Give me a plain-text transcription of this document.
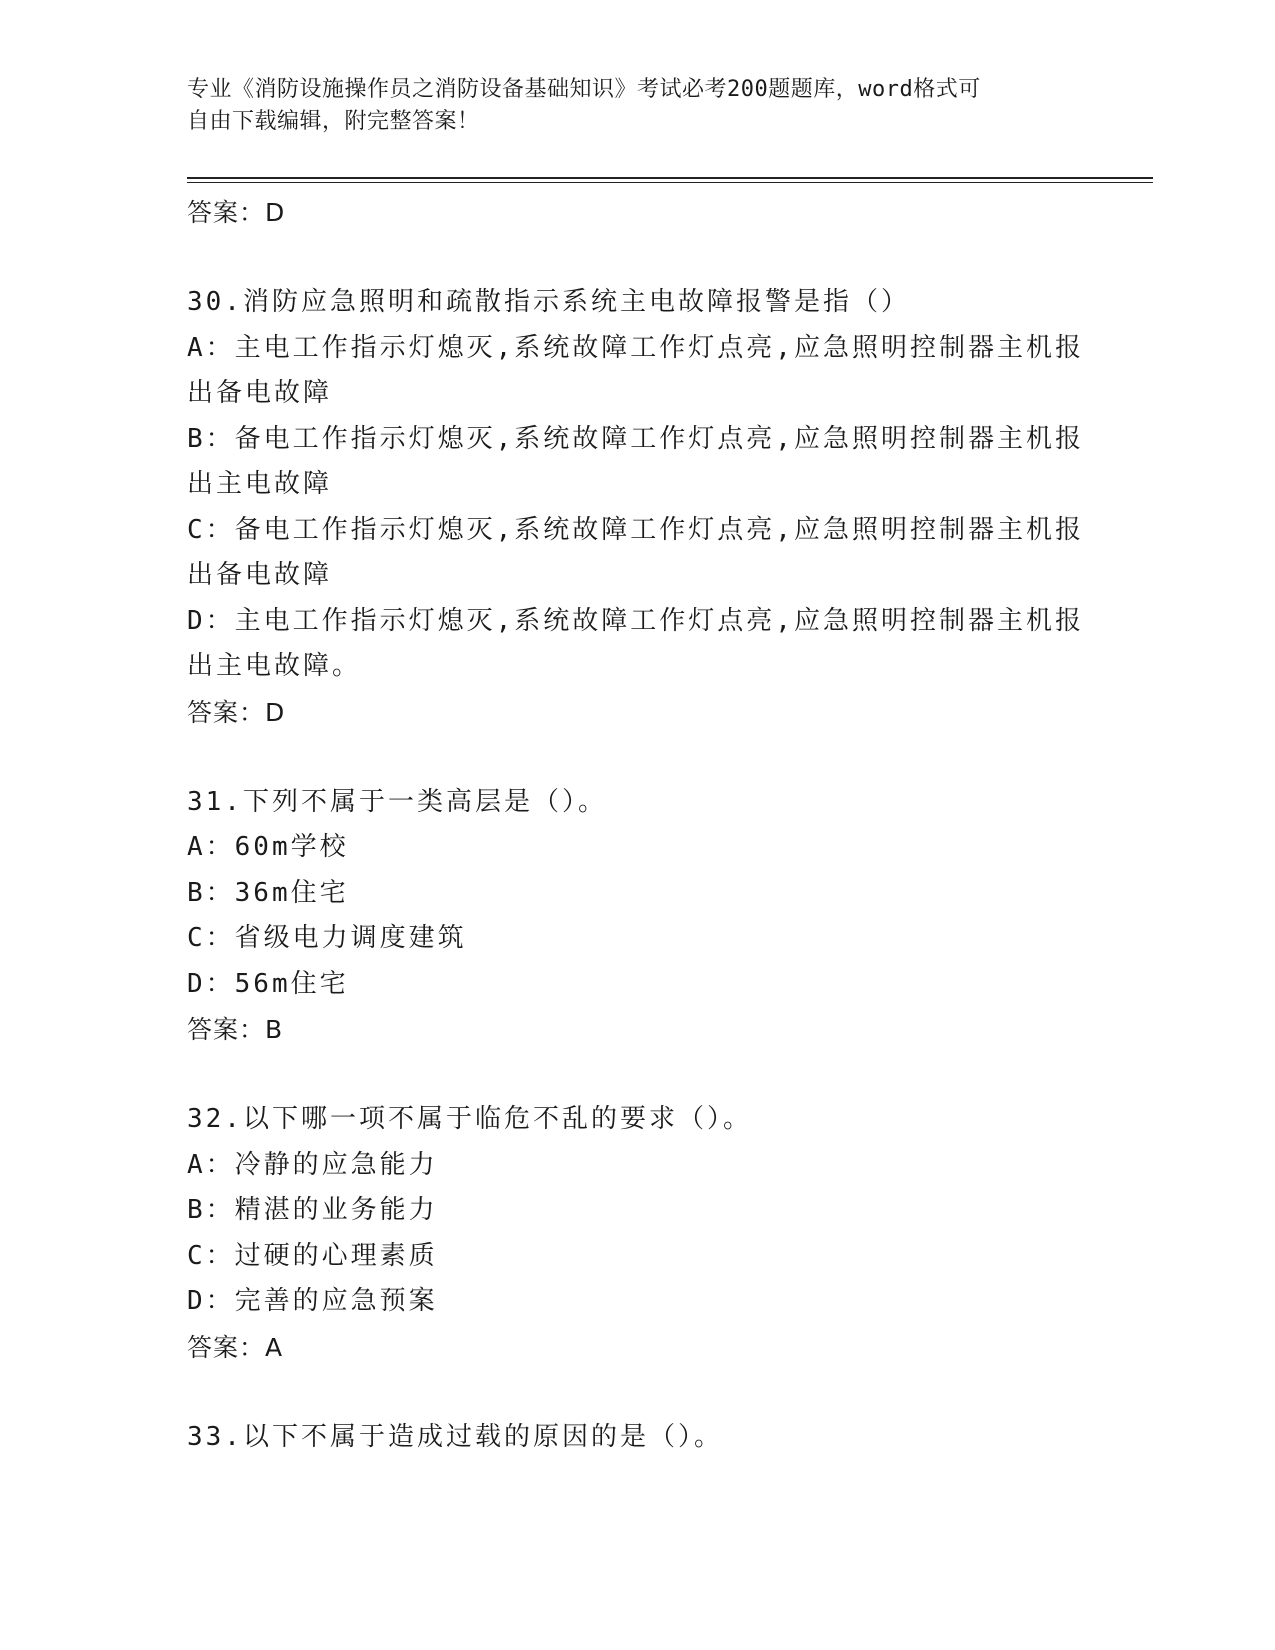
专业《消防设施操作员之消防设备基础知识》考试必考200题题库，word格式可
自由下载编辑，附完整答案！
答案：D
30.消防应急照明和疏散指示系统主电故障报警是指（）
A：主电工作指示灯熄灭,系统故障工作灯点亮,应急照明控制器主机报
出备电故障
B：备电工作指示灯熄灭,系统故障工作灯点亮,应急照明控制器主机报
出主电故障
C：备电工作指示灯熄灭,系统故障工作灯点亮,应急照明控制器主机报
出备电故障
D：主电工作指示灯熄灭,系统故障工作灯点亮,应急照明控制器主机报
出主电故障。
答案：D
31.下列不属于一类高层是（）。
A：60m学校
B：36m住宅
C：省级电力调度建筑
D：56m住宅
答案：B
32.以下哪一项不属于临危不乱的要求（）。
A：冷静的应急能力
B：精湛的业务能力
C：过硬的心理素质
D：完善的应急预案
答案：A
33.以下不属于造成过载的原因的是（）。
